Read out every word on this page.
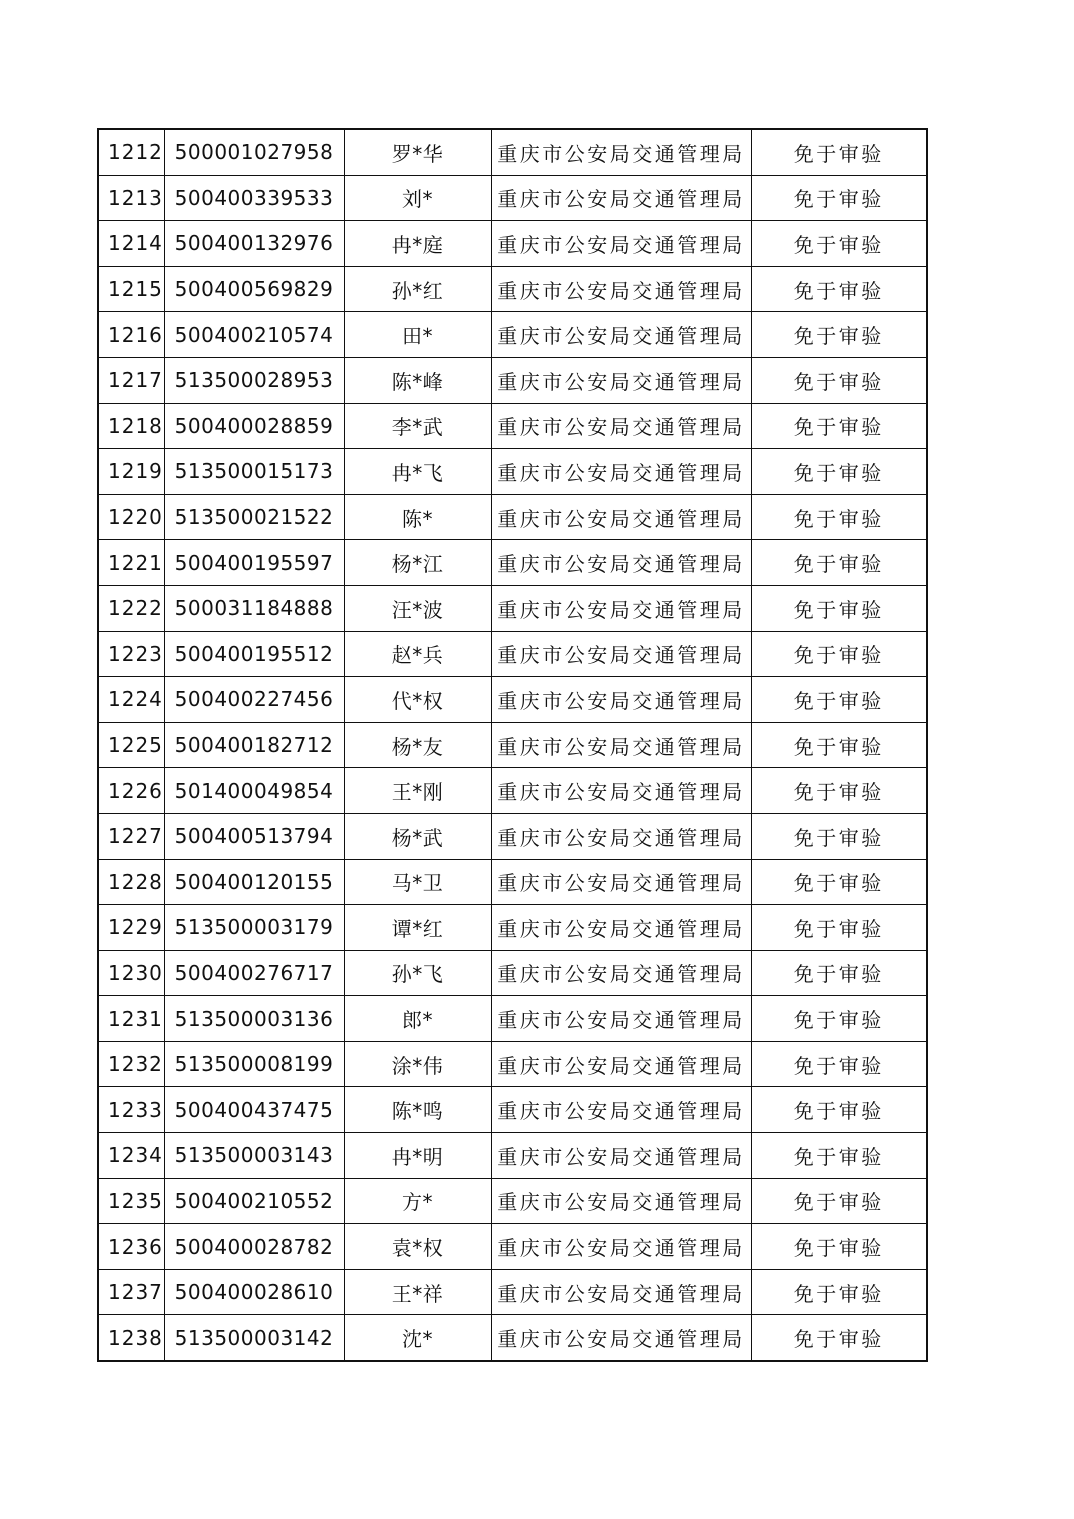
1212	500001027958	罗*华	重庆市公安局交通管理局	免于审验
1213	500400339533	刘*	重庆市公安局交通管理局	免于审验
1214	500400132976	冉*庭	重庆市公安局交通管理局	免于审验
1215	500400569829	孙*红	重庆市公安局交通管理局	免于审验
1216	500400210574	田*	重庆市公安局交通管理局	免于审验
1217	513500028953	陈*峰	重庆市公安局交通管理局	免于审验
1218	500400028859	李*武	重庆市公安局交通管理局	免于审验
1219	513500015173	冉*飞	重庆市公安局交通管理局	免于审验
1220	513500021522	陈*	重庆市公安局交通管理局	免于审验
1221	500400195597	杨*江	重庆市公安局交通管理局	免于审验
1222	500031184888	汪*波	重庆市公安局交通管理局	免于审验
1223	500400195512	赵*兵	重庆市公安局交通管理局	免于审验
1224	500400227456	代*权	重庆市公安局交通管理局	免于审验
1225	500400182712	杨*友	重庆市公安局交通管理局	免于审验
1226	501400049854	王*刚	重庆市公安局交通管理局	免于审验
1227	500400513794	杨*武	重庆市公安局交通管理局	免于审验
1228	500400120155	马*卫	重庆市公安局交通管理局	免于审验
1229	513500003179	谭*红	重庆市公安局交通管理局	免于审验
1230	500400276717	孙*飞	重庆市公安局交通管理局	免于审验
1231	513500003136	郎*	重庆市公安局交通管理局	免于审验
1232	513500008199	涂*伟	重庆市公安局交通管理局	免于审验
1233	500400437475	陈*鸣	重庆市公安局交通管理局	免于审验
1234	513500003143	冉*明	重庆市公安局交通管理局	免于审验
1235	500400210552	方*	重庆市公安局交通管理局	免于审验
1236	500400028782	袁*权	重庆市公安局交通管理局	免于审验
1237	500400028610	王*祥	重庆市公安局交通管理局	免于审验
1238	513500003142	沈*	重庆市公安局交通管理局	免于审验
